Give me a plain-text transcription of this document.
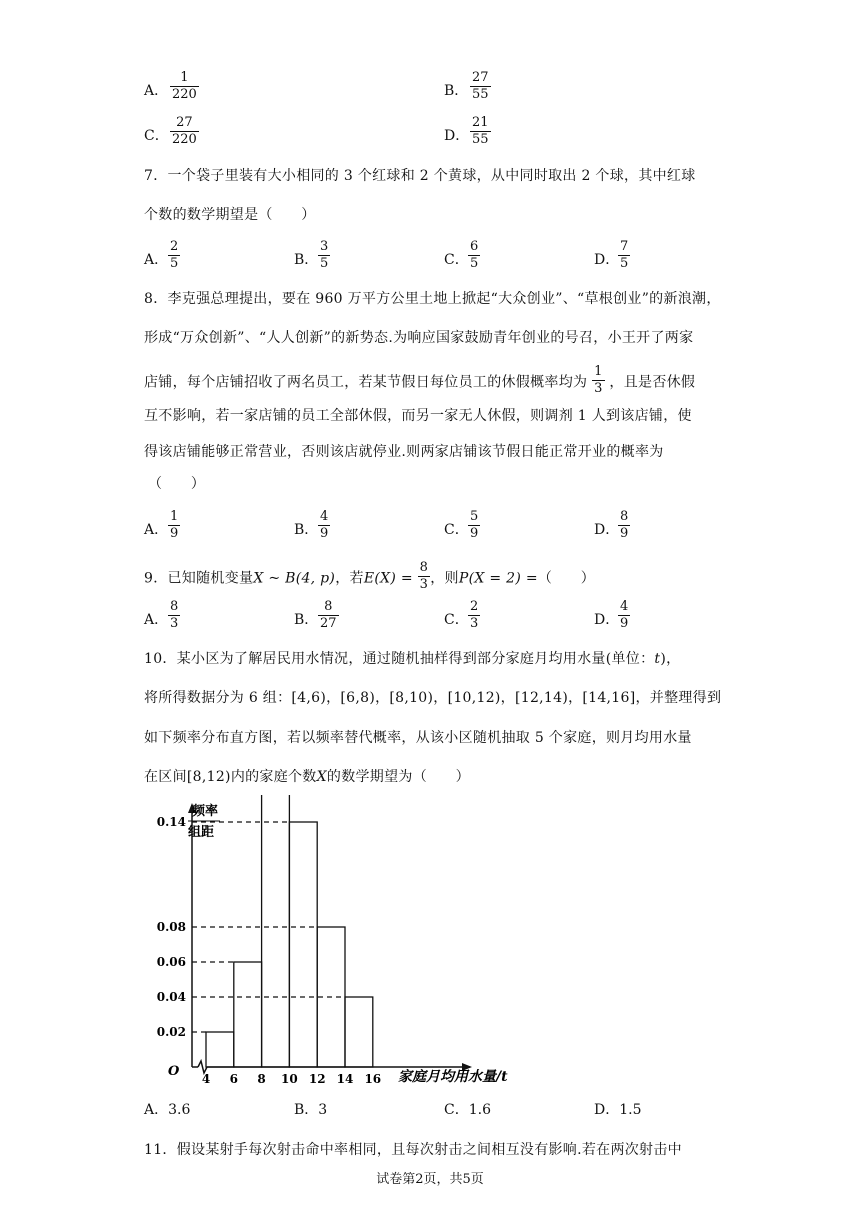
A． $\frac{1}{220}$	B． $\frac{27}{55}$
C． $\frac{27}{220}$	D． $\frac{21}{55}$
7．一个袋子里装有大小相同的 3 个红球和 2 个黄球，从中同时取出 2 个球，其中红球
个数的数学期望是（　　）
A． $\frac{2}{5}$	B． $\frac{3}{5}$	C． $\frac{6}{5}$	D．
$\frac{7}{5}$
8．李克强总理提出，要在 960 万平方公里土地上掀起“大众创业”、“草根创业”的新浪潮，
形成“万众创新”、“人人创新”的新势态.为响应国家鼓励青年创业的号召，小王开了两家
店铺，每个店铺招收了两名员工，若某节假日每位员工的休假概率均为 $\frac{1}{3}$ ，且是否休假
互不影响，若一家店铺的员工全部休假，而另一家无人休假，则调剂 1 人到该店铺，使
得该店铺能够正常营业，否则该店就停业.则两家店铺该节假日能正常开业的概率为
（　　）
A． $\frac{1}{9}$	B． $\frac{4}{9}$	C． $\frac{5}{9}$	D．
$\frac{8}{9}$
9．已知随机变量X ~ B(4, p)，若$E(X) = \frac{8}{3}$ ，则P(X = 2) =（　　）
A． $\frac{8}{3}$	B． $\frac{8}{27}$	C． $\frac{2}{3}$	D．
$\frac{4}{9}$
10．某小区为了解居民用水情况，通过随机抽样得到部分家庭月均用水量(单位：t)，
将所得数据分为 6 组：[4,6)，[6,8)，[8,10)，[10,12)，[12,14)，[14,16]，并整理得到
如下频率分布直方图，若以频率替代概率，从该小区随机抽取 5 个家庭，则月均用水量
在区间[8,12)内的家庭个数X的数学期望为（　　）
0.02
0.04
0.06
0.08
0.14
4 6 8 10 12 14 16
频率
组距
家庭月均用水量/t
O
A．3.6	B．3	C．1.6	D．1.5
11．假设某射手每次射击命中率相同，且每次射击之间相互没有影响.若在两次射击中
试卷第2页，共5页
